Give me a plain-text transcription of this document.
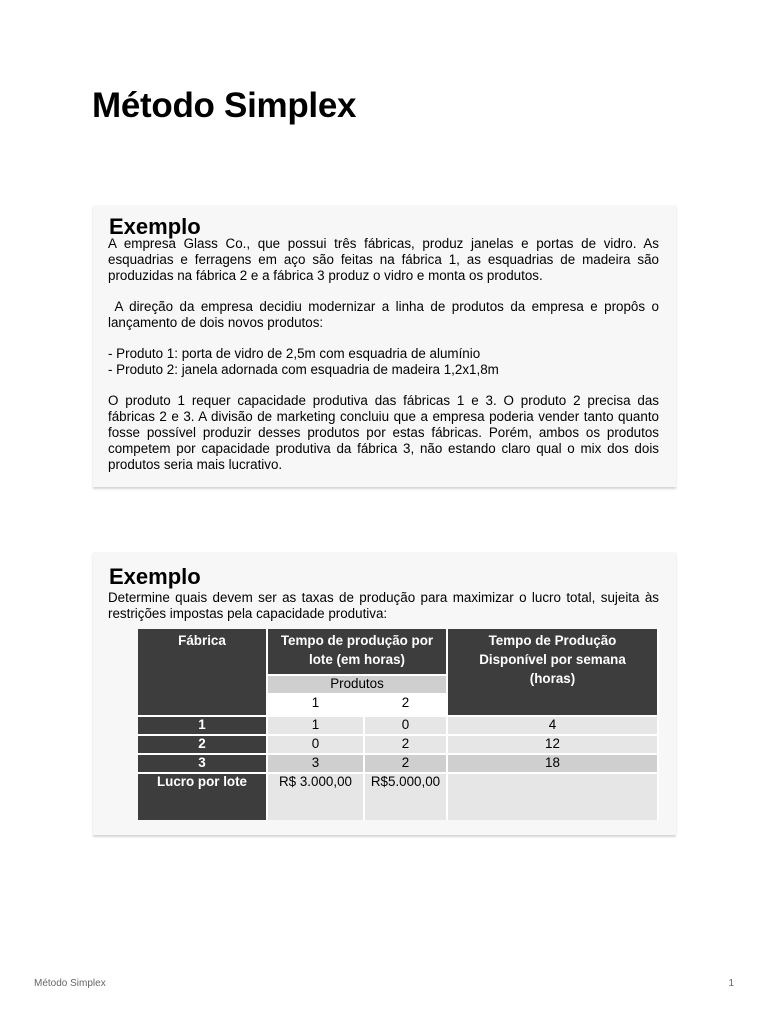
Método Simplex
Exemplo

A empresa Glass Co., que possui três fábricas, produz janelas e portas de vidro. As esquadrias e ferragens em aço são feitas na fábrica 1, as esquadrias de madeira são produzidas na fábrica 2 e a fábrica 3 produz o vidro e monta os produtos.

A direção da empresa decidiu modernizar a linha de produtos da empresa e propôs o lançamento de dois novos produtos:

- Produto 1: porta de vidro de 2,5m com esquadria de alumínio

- Produto 2: janela adornada com esquadria de madeira 1,2x1,8m

O produto 1 requer capacidade produtiva das fábricas 1 e 3. O produto 2 precisa das fábricas 2 e 3. A divisão de marketing concluiu que a empresa poderia vender tanto quanto fosse possível produzir desses produtos por estas fábricas. Porém, ambos os produtos competem por capacidade produtiva da fábrica 3, não estando claro qual o mix dos dois produtos seria mais lucrativo.

Exemplo
Determine quais devem ser as taxas de produção para maximizar o lucro total, sujeita às restrições impostas pela capacidade produtiva:
Fábrica	Tempo de produção por lote (em horas)		Tempo de Produção Disponível por semana (horas)
	Produtos		
	1	2	
1	1	0	4
2	0	2	12
3	3	2	18
Lucro por lote	R$ 3.000,00	R$5.000,00	
Método Simplex	1
